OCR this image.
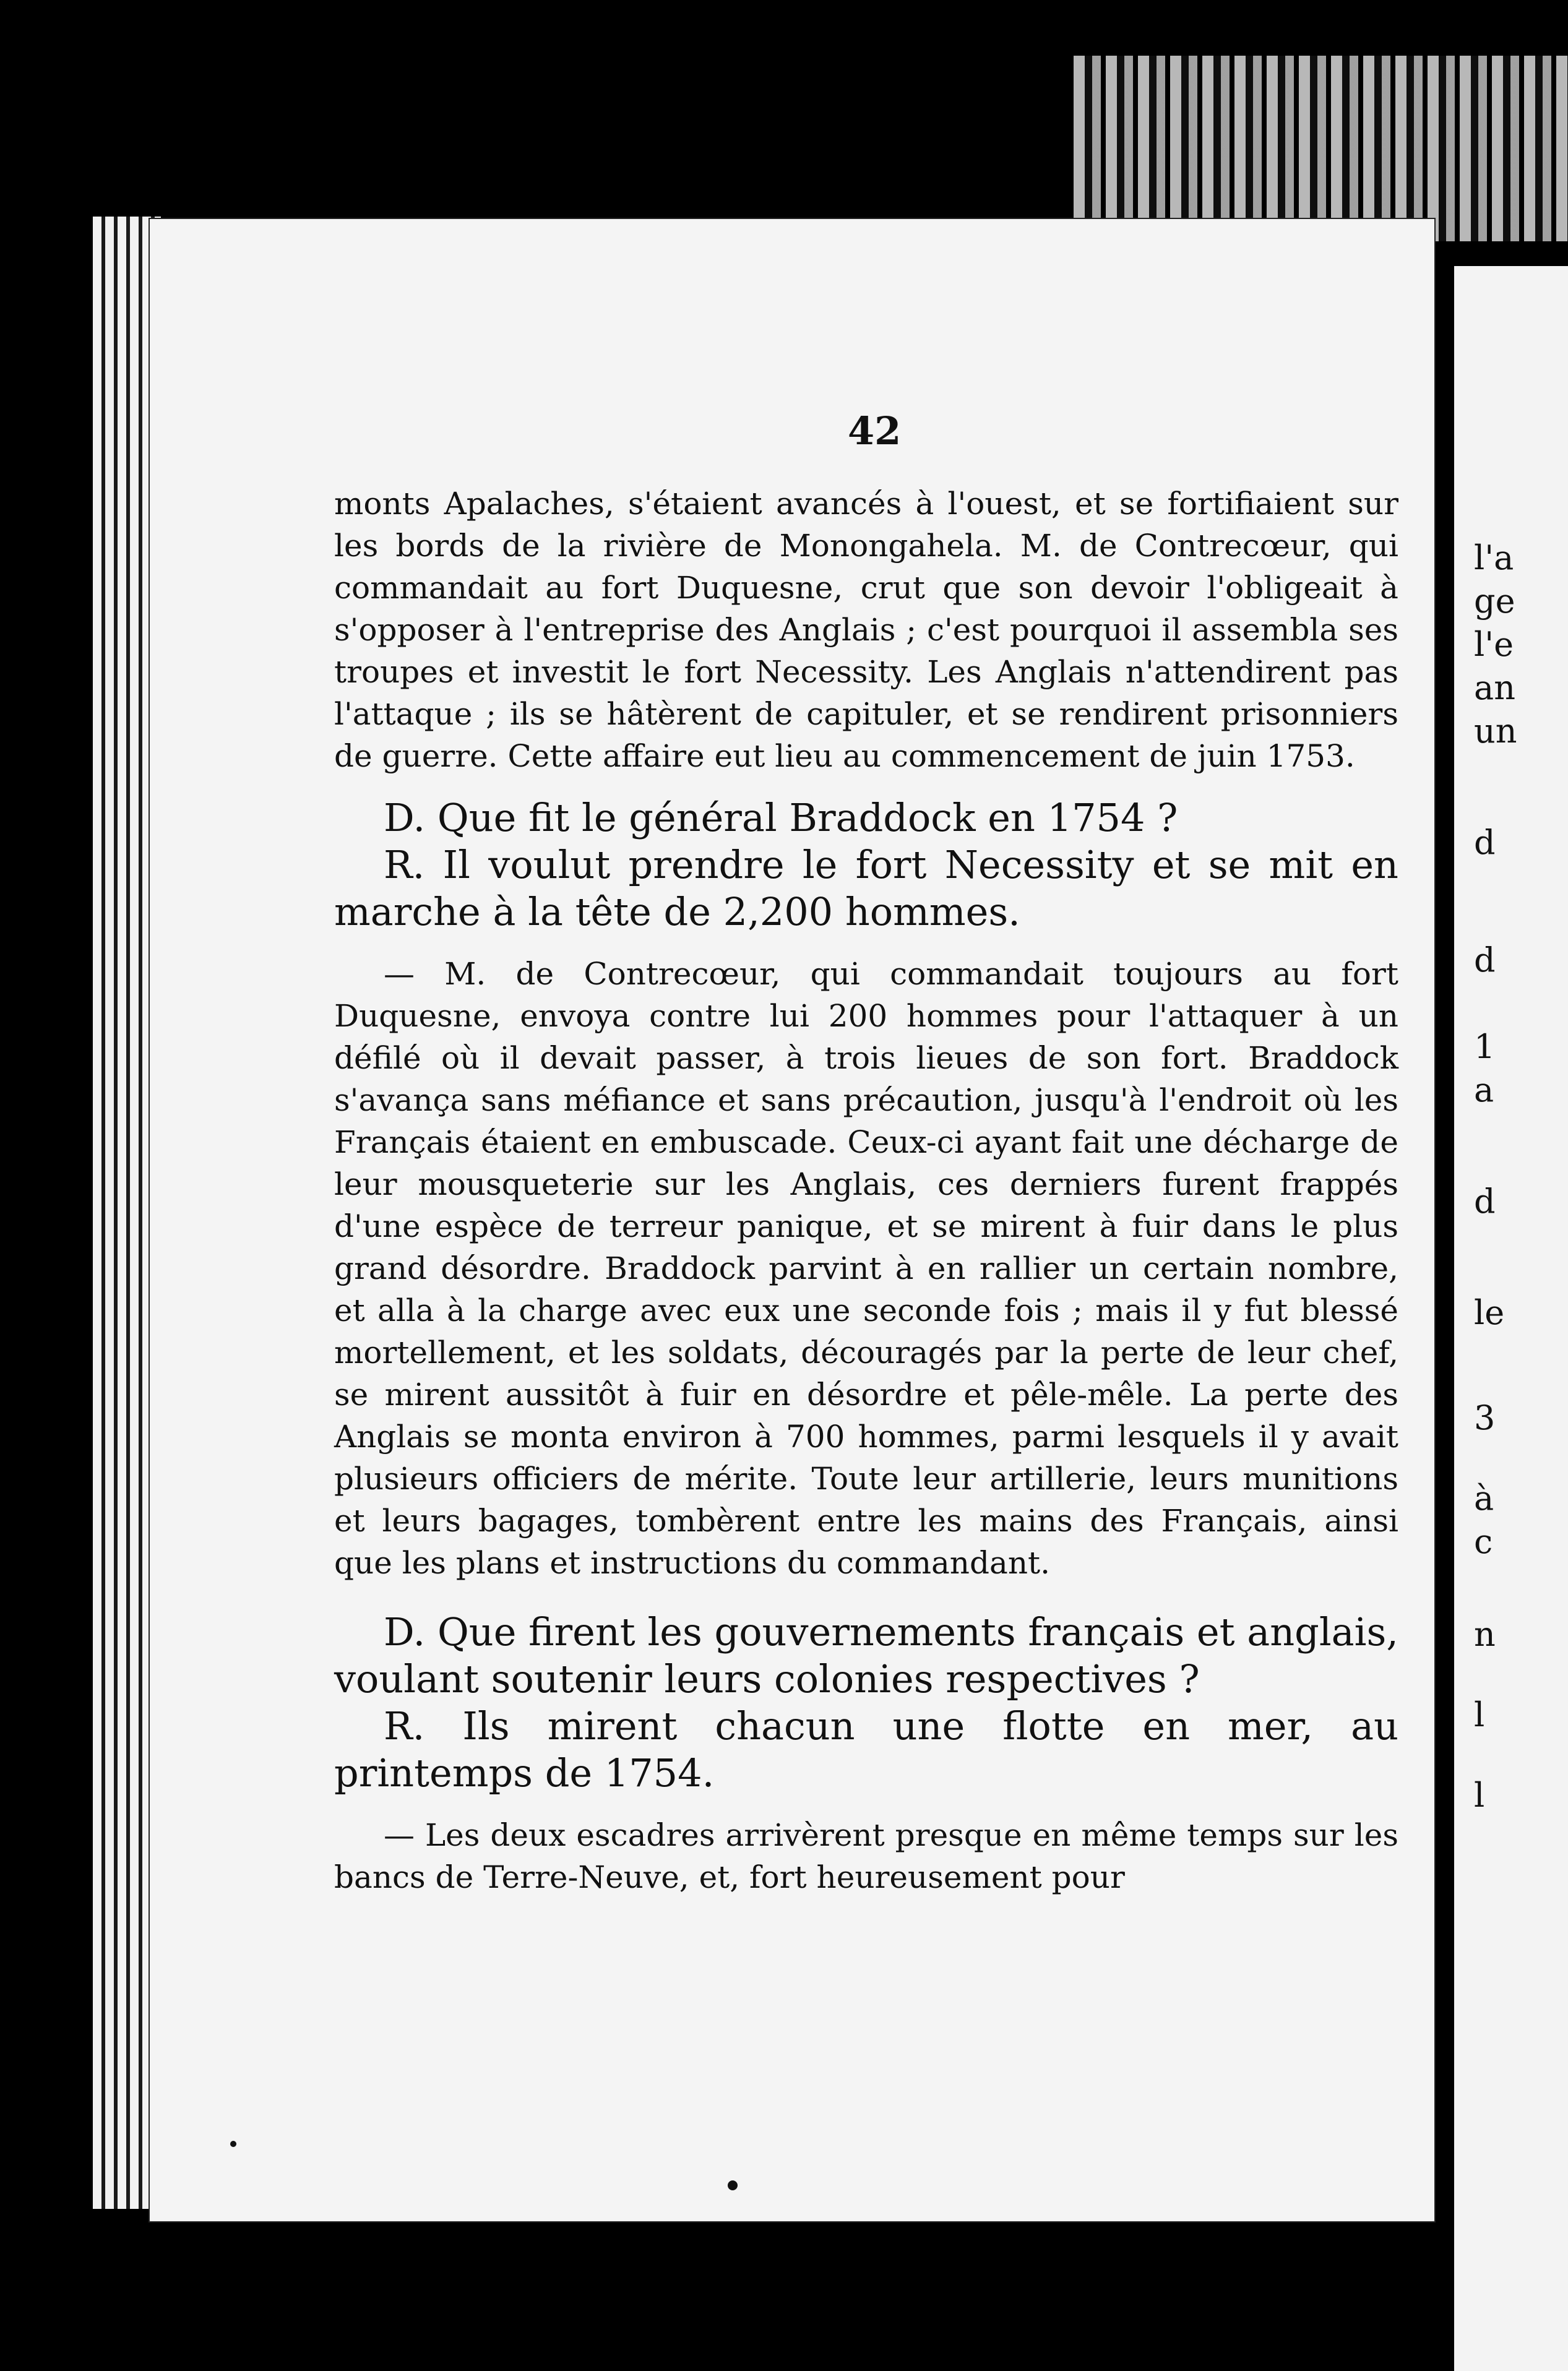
42

monts Apalaches, s'étaient avancés à l'ouest, et se fortifiaient sur les bords de la rivière de Monongahela. M. de Contrecœur, qui commandait au fort Duquesne, crut que son devoir l'obligeait à s'opposer à l'entreprise des Anglais ; c'est pourquoi il assembla ses troupes et investit le fort Necessity. Les Anglais n'attendirent pas l'attaque ; ils se hâtèrent de capituler, et se rendirent prisonniers de guerre. Cette affaire eut lieu au commencement de juin 1753.

D. Que fit le général Braddock en 1754 ?

R. Il voulut prendre le fort Necessity et se mit en marche à la tête de 2,200 hommes.

— M. de Contrecœur, qui commandait toujours au fort Duquesne, envoya contre lui 200 hommes pour l'attaquer à un défilé où il devait passer, à trois lieues de son fort. Braddock s'avança sans méfiance et sans précaution, jusqu'à l'endroit où les Français étaient en embuscade. Ceux-ci ayant fait une décharge de leur mousqueterie sur les Anglais, ces derniers furent frappés d'une espèce de terreur panique, et se mirent à fuir dans le plus grand désordre. Braddock parvint à en rallier un certain nombre, et alla à la charge avec eux une seconde fois ; mais il y fut blessé mortellement, et les soldats, découragés par la perte de leur chef, se mirent aussitôt à fuir en désordre et pêle-mêle. La perte des Anglais se monta environ à 700 hommes, parmi lesquels il y avait plusieurs officiers de mérite. Toute leur artillerie, leurs munitions et leurs bagages, tombèrent entre les mains des Français, ainsi que les plans et instructions du commandant.

D. Que firent les gouvernements français et anglais, voulant soutenir leurs colonies respectives ?

R. Ils mirent chacun une flotte en mer, au printemps de 1754.

— Les deux escadres arrivèrent presque en même temps sur les bancs de Terre-Neuve, et, fort heureusement pour

l'a
ge
l'e
an
un
d
d
1
a
d
le
3
à
c
n
l
l
